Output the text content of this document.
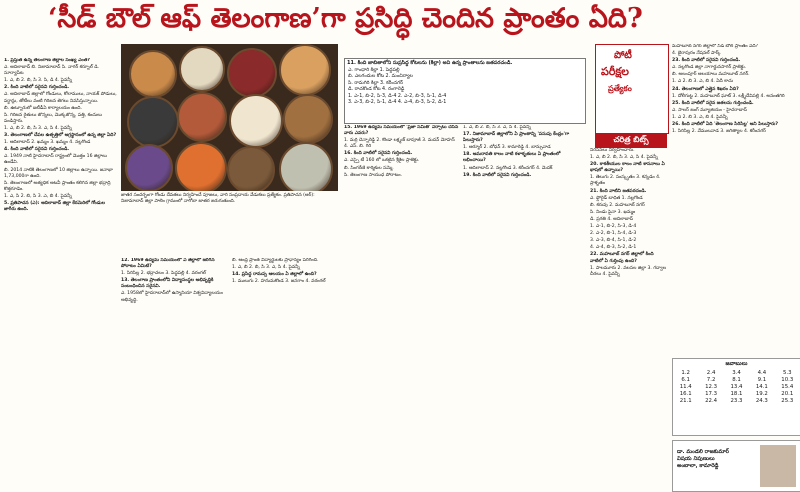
‘సీడ్ బౌల్ ఆఫ్ తెలంగాణ’గా ప్రసిద్ధి చెందిన ప్రాంతం ఏది?

1. ప్రస్తుత ఉన్న తెలంగాణ జిల్లాల సంఖ్య ఎంత?

ఎ. ఆదిలాబాద్ బి. నిజామాబాద్ సి. నాగర్ కర్నూల్ డి. సూర్యాపేట

1. ఎ, బి 2. బి, సి 3. సి, డి 4. పైవన్నీ

2. కింది వాటిలో సరైనవి గుర్తించండి.

ఎ. ఆదిలాబాద్ జిల్లాలో గోండులు, కోలాములు, నాయక్ పోడులు, పర్ధాన్లు, తోటీలు వంటి గిరిజన తెగలు నివసిస్తున్నాయి.

బి. ఉట్నూరులో ఐటీడీఏ కార్యాలయం ఉంది.

సి. గిరిజన రైతులు జొన్నలు, మొక్కజొన్న, పత్తి, కందులు పండిస్తారు.

1. ఎ, బి 2. బి, సి 3. ఎ, సి 4. పైవన్నీ

3. తెలంగాణలో చేపల ఉత్పత్తిలో అగ్రస్థానంలో ఉన్న జిల్లా ఏది?

1. ఆదిలాబాద్ 2. ఖమ్మం 3. ఖమ్మం 4. నల్లగొండ

4. కింది వాటిలో సరైనవి గుర్తించండి.

ఎ. 1949 నాటి హైదరాబాద్ రాష్ట్రంలో మొత్తం 16 జిల్లాలు ఉండేవి.

బి. 2014 నాటికి తెలంగాణలో 10 జిల్లాలు ఉన్నాయి. జనాభా 1,73,000గా ఉంది.

సి. తెలంగాణలో అత్యధిక అటవీ ప్రాంతం కలిగిన జిల్లా భద్రాద్రి కొత్తగూడెం.

1. ఎ, సి 2. బి, సి 3. ఎ, బి 4. పైవన్నీ

5. ప్రతిపాదన (ఎ): ఆదిలాబాద్ జిల్లా కేరమెరిలో గోండుల జాగీరు ఉంది.

జాతర సందర్భంగా గోండు దేవతలు నిర్వహించే పూజలు, వారి సంప్రదాయ వేడుకలు ప్రత్యేకం. ప్రతిపాదన (ఆర్): నిజామాబాద్ జిల్లా పాలెం గ్రామంలో నాగోబా జాతర జరుగుతుంది.

12. 1969 ఉద్యమ సమయంలో ఏ జిల్లాలో జరిగిన పోరాటం ఏమిటి?

1. సిరిసిల్ల 2. భద్రాచలం 3. పెద్దపల్లి 4. వరంగల్

13. తెలంగాణ ప్రాంతంలోని విద్యాసంస్థల అభివృద్ధికి సంబంధించిన సరైనవి.

ఎ. 1958లో హైదరాబాద్‌లో ఉస్మానియా విశ్వవిద్యాలయం అభివృద్ధి.

బి. ఆంధ్ర ప్రాంత విద్యార్థులకు ప్రాధాన్యం పెరిగింది.

1. ఎ, బి 2. బి, సి 3. ఎ, సి 4. పైవన్నీ

14. ప్రసిద్ధ రామప్ప ఆలయం ఏ జిల్లాలో ఉంది?

1. ములుగు 2. హనుమకొండ 3. జనగాం 4. వరంగల్

11. కింది జాబితాలోని సుప్రసిద్ధ కోటలను (కిల్లా) అవి ఉన్న ప్రాంతాలను జతపరచండి.
ఎ. గాంధారి కిల్లా 1. పెద్దపల్లి
బి. ఎలగందుల కోట 2. మంచిర్యాల
సి. రామగిరి కిల్లా 3. కరీంనగర్
డి. రాచకొండ కోట 4. రంగారెడ్డి
1. ఎ-1, బి-2, సి-3, డి-4 2. ఎ-2, బి-3, సి-1, డి-4
3. ఎ-3, బి-2, సి-1, డి-4 4. ఎ-4, బి-3, సి-2, డి-1

15. 1969 ఉద్యమ సమయంలో 'ప్రజా సమితి' ఏర్పాటు చేసిన వారు ఎవరు?

1. మర్రి చెన్నారెడ్డి 2. కొండా లక్ష్మణ్ బాపూజీ 3. మదన్ మోహన్ 4. ఎస్. బి. గిరి

16. కింది వాటిలో సరైనవి గుర్తించండి.

ఎ. ఎస్సై టీ 160 లో ఒకటైన శ్రీశైల ప్రాజెక్టు.

బి. సింగరేణి కార్మికుల సమ్మె.

సి. తెలంగాణ సాయుధ పోరాటం.

1. ఎ, బి 2. బి, సి 3. ఎ, సి 4. పైవన్నీ

17. నిజామాబాద్ జిల్లాలోని ఏ ప్రాంతాన్ని 'పసుపు కేంద్రం'గా పిలుస్తారు?

1. ఆర్మూర్ 2. బోధన్ 3. కామారెడ్డి 4. బాన్సువాడ

18. అమరావతి కాలం నాటి కళాకృతులు ఏ ప్రాంతంలో లభించాయి?

1. ఆదిలాబాద్ 2. నల్లగొండ 3. కరీంనగర్ 4. మెదక్

19. కింది వాటిలో సరైనవి గుర్తించండి.

పోటీ
పరీక్షల
ప్రత్యేకం
చరిత్ర బిట్స్

నిరసనలు నిర్వహించారు.

1. ఎ, బి 2. బి, సి 3. ఎ, సి 4. పైవన్నీ

20. కాకతీయుల కాలం నాటి శాసనాలు ఏ భాషలో ఉన్నాయి?

1. తెలుగు 2. సంస్కృతం 3. కన్నడం 4. ప్రాకృతం

21. కింది వాటిని జతపరచండి.

ఎ. ఫ్లోరైడ్ బాధిత 1. నల్లగొండ

బి. కరువు 2. మహబూబ్ నగర్

సి. నిండు పైనా 3. ఖమ్మం

డి. ప్రగతి 4. ఆదిలాబాద్

1. ఎ-1, బి-2, సి-3, డి-4

2. ఎ-2, బి-1, సి-4, డి-3

3. ఎ-3, బి-4, సి-1, డి-2

4. ఎ-4, బి-3, సి-2, డి-1

22. మహబూబ్ నగర్ జిల్లాలో కింది వాటిలో ఏ గుర్తింపు ఉంది?

1. పాలమూరు 2. వలసల జిల్లా 3. గద్వాల చీరలు 4. పైవన్నీ

మహబూబ్ నగర్ జిల్లాలో సీడ్ బౌల్ ప్రాంతం ఏది?

4. బైరాపురం నేషనల్ పార్క్

23. కింది వాటిలో సరైనవి గుర్తించండి.

ఎ. నల్లగొండ జిల్లా నాగార్జునసాగర్ ప్రాజెక్టు.

బి. అలంపూర్ ఆలయాలు మహబూబ్ నగర్.

1. ఎ 2. బి 3. ఎ, బి 4. ఏదీ కాదు

24. తెలంగాణలో ఎత్తైన శిఖరం ఏది?

1. దోలీగుట్ట 2. మహబూబ్ ఘాట్ 3. లక్ష్మీదేవిపల్లి 4. అనంతగిరి

25. కింది వాటిలో సరైన జతలను గుర్తించండి.

ఎ. సాలర్ జంగ్ మ్యూజియం - హైదరాబాద్

1. ఎ 2. బి 3. ఎ, బి 4. పైవన్నీ

26. కింది వాటిలో ఏది 'తెలంగాణ సిరిసిల్ల' అని పిలుస్తారు?

1. సిరిసిల్ల 2. వేములవాడ 3. జగిత్యాల 4. కరీంనగర్

జవాబులు
1.2	2.4	3.4	4.4	5.3
6.1	7.2	8.1	9.1	10.3
11.4	12.3	13.4	14.1	15.4
16.1	17.3	18.1	19.2	20.1
21.1	22.4	23.3	24.3	25.3
డా. మండలి రాజకుమార్
విషయ నిపుణులు
అంబాలా, కామారెడ్డి
